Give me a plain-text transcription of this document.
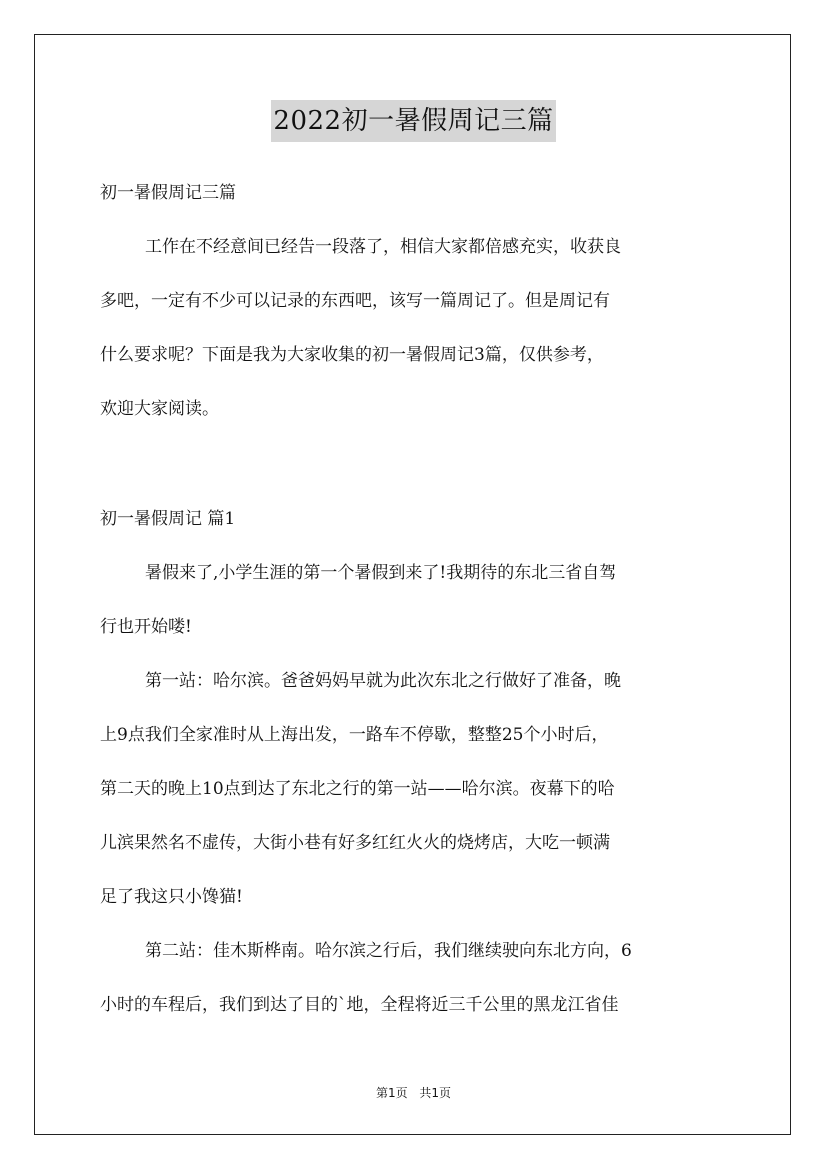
2022初一暑假周记三篇
初一暑假周记三篇
工作在不经意间已经告一段落了，相信大家都倍感充实，收获良
多吧，一定有不少可以记录的东西吧，该写一篇周记了。但是周记有
什么要求呢？下面是我为大家收集的初一暑假周记3篇，仅供参考，
欢迎大家阅读。
初一暑假周记 篇1
暑假来了,小学生涯的第一个暑假到来了!我期待的东北三省自驾
行也开始喽!
第一站：哈尔滨。爸爸妈妈早就为此次东北之行做好了准备，晚
上9点我们全家准时从上海出发，一路车不停歇，整整25个小时后，
第二天的晚上10点到达了东北之行的第一站——哈尔滨。夜幕下的哈
儿滨果然名不虚传，大街小巷有好多红红火火的烧烤店，大吃一顿满
足了我这只小馋猫!
第二站：佳木斯桦南。哈尔滨之行后，我们继续驶向东北方向，6
小时的车程后，我们到达了目的`地，全程将近三千公里的黑龙江省佳
第1页 共1页
